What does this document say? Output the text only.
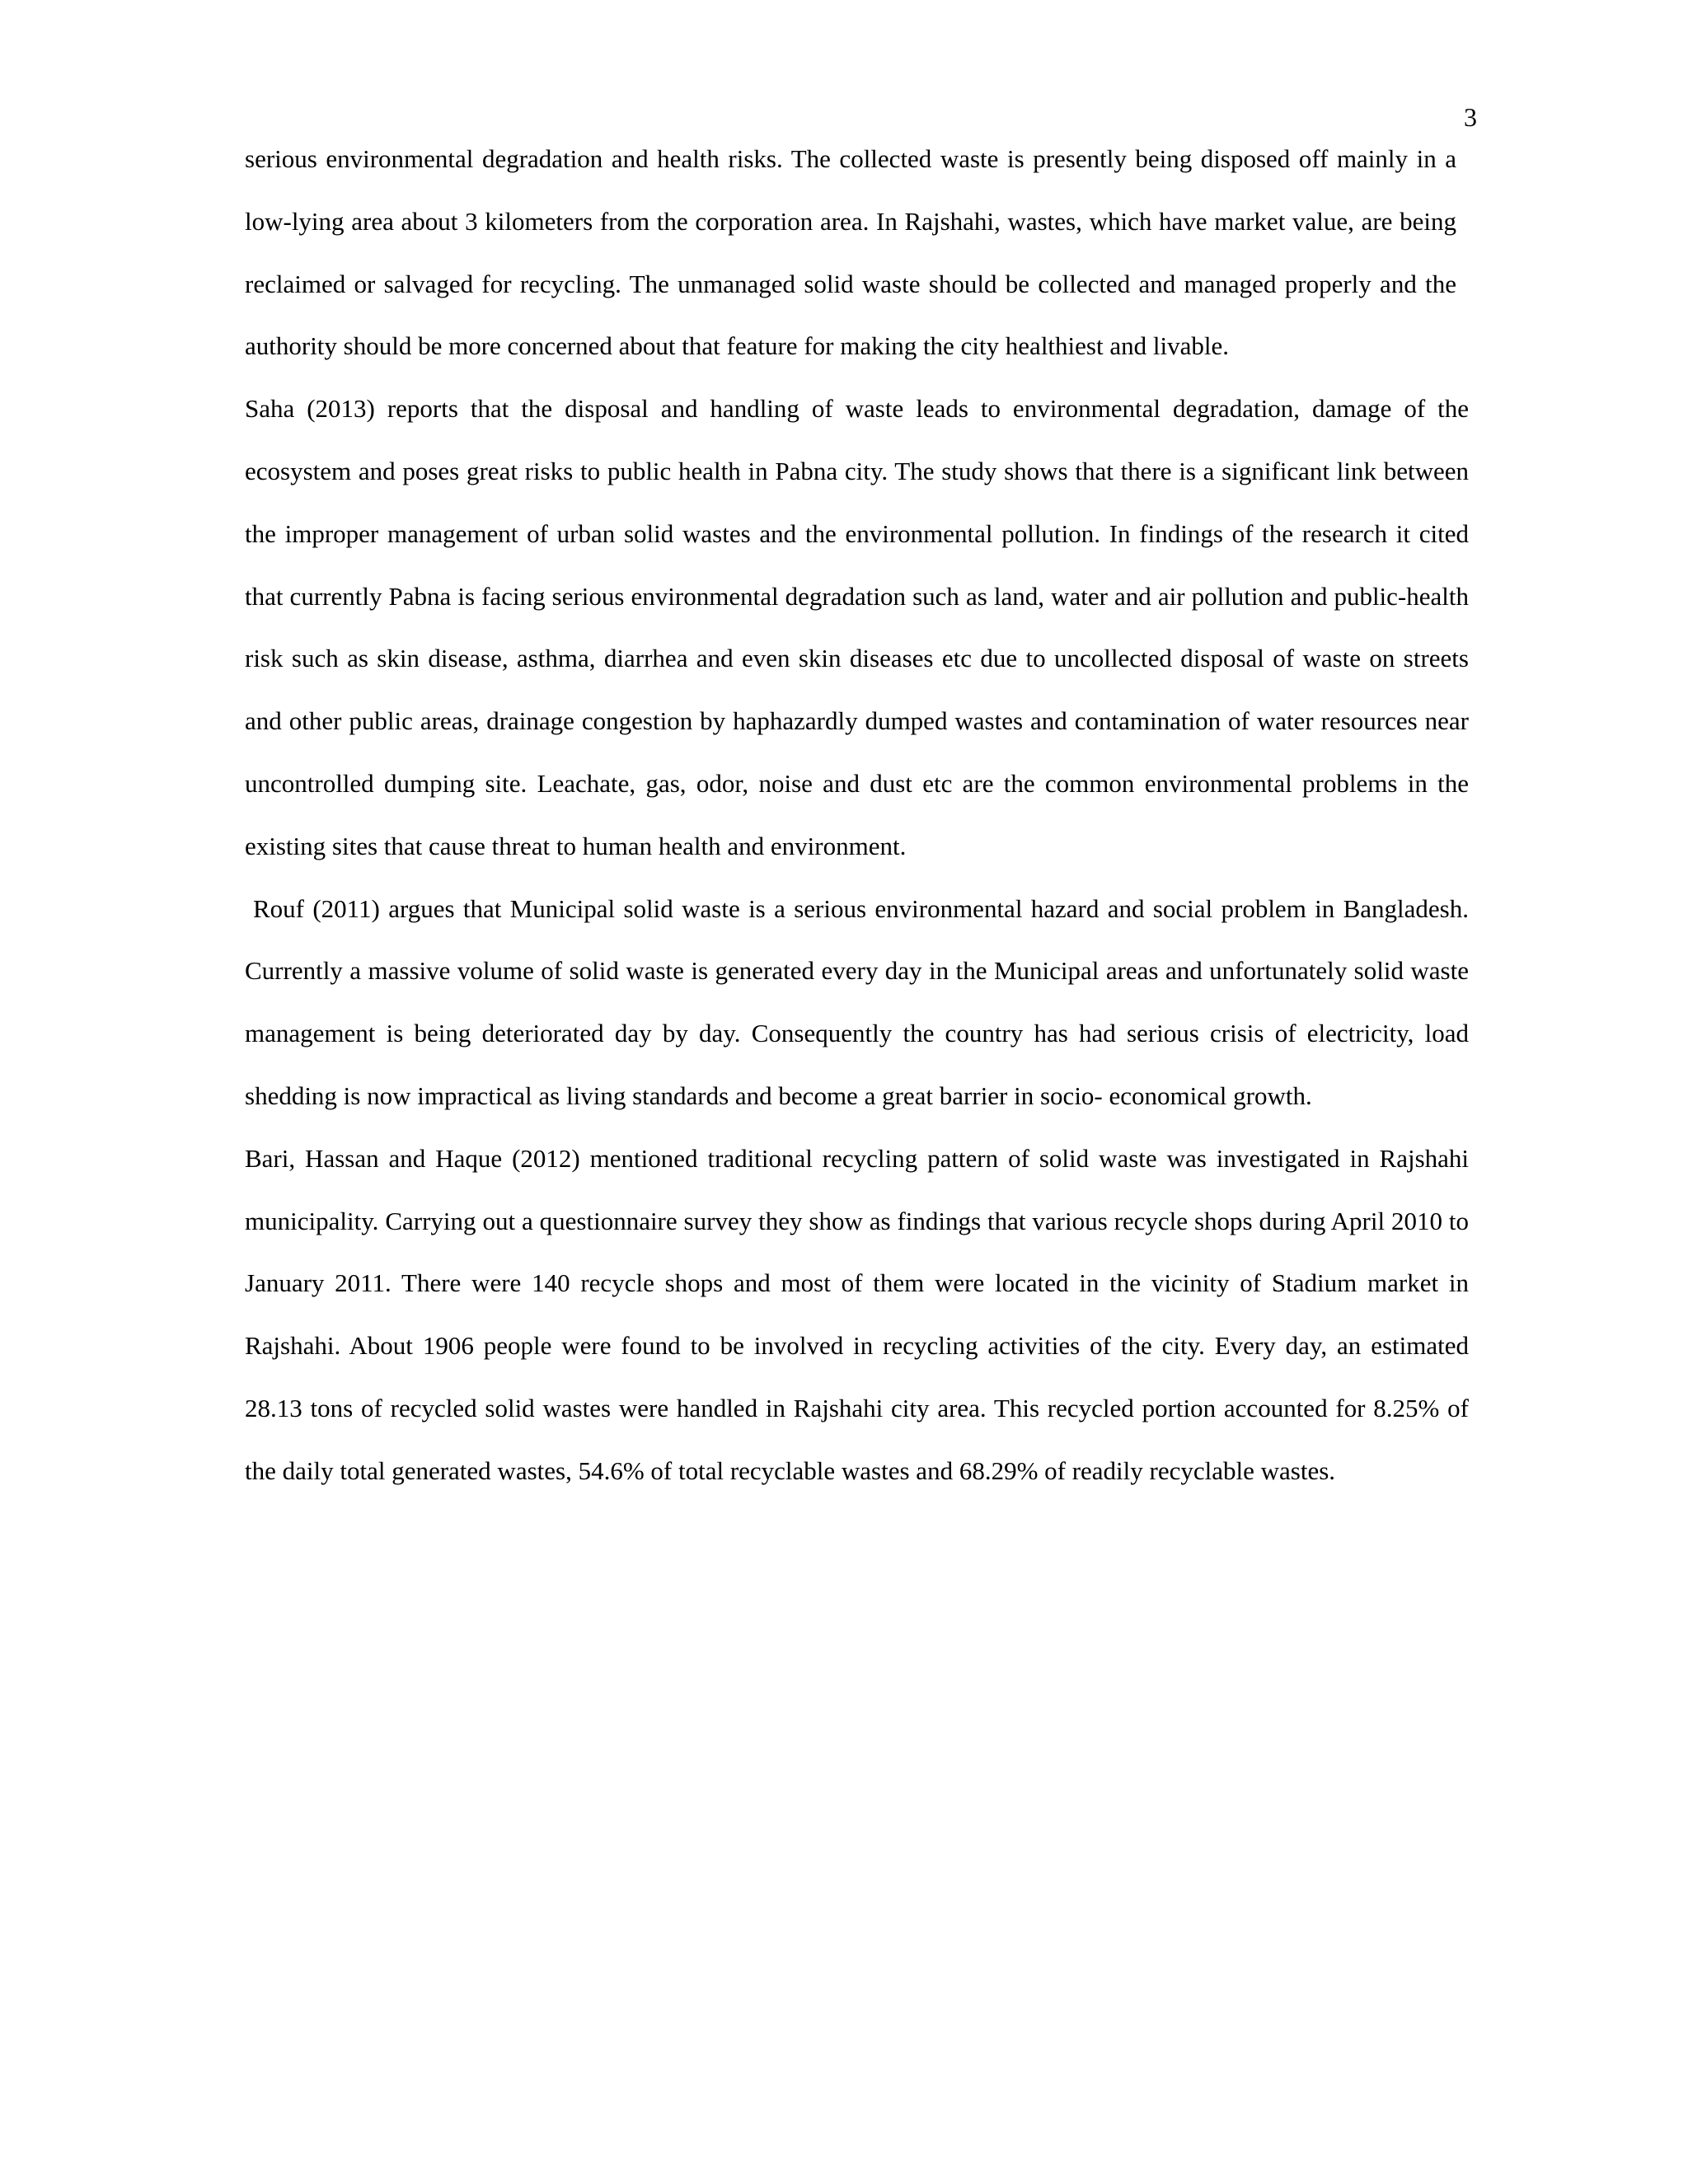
3

serious environmental degradation and health risks. The collected waste is presently being disposed off mainly in a low-lying area about 3 kilometers from the corporation area. In Rajshahi, wastes, which have market value, are being reclaimed or salvaged for recycling. The unmanaged solid waste should be collected and managed properly and the authority should be more concerned about that feature for making the city healthiest and livable.

Saha (2013) reports that the disposal and handling of waste leads to environmental degradation, damage of the ecosystem and poses great risks to public health in Pabna city. The study shows that there is a significant link between the improper management of urban solid wastes and the environmental pollution. In findings of the research it cited that currently Pabna is facing serious environmental degradation such as land, water and air pollution and public-health risk such as skin disease, asthma, diarrhea and even skin diseases etc due to uncollected disposal of waste on streets and other public areas, drainage congestion by haphazardly dumped wastes and contamination of water resources near uncontrolled dumping site. Leachate, gas, odor, noise and dust etc are the common environmental problems in the existing sites that cause threat to human health and environment.

Rouf (2011) argues that Municipal solid waste is a serious environmental hazard and social problem in Bangladesh. Currently a massive volume of solid waste is generated every day in the Municipal areas and unfortunately solid waste management is being deteriorated day by day. Consequently the country has had serious crisis of electricity, load shedding is now impractical as living standards and become a great barrier in socio- economical growth.

Bari, Hassan and Haque (2012) mentioned traditional recycling pattern of solid waste was investigated in Rajshahi municipality. Carrying out a questionnaire survey they show as findings that various recycle shops during April 2010 to January 2011. There were 140 recycle shops and most of them were located in the vicinity of Stadium market in Rajshahi. About 1906 people were found to be involved in recycling activities of the city. Every day, an estimated 28.13 tons of recycled solid wastes were handled in Rajshahi city area. This recycled portion accounted for 8.25% of the daily total generated wastes, 54.6% of total recyclable wastes and 68.29% of readily recyclable wastes.
